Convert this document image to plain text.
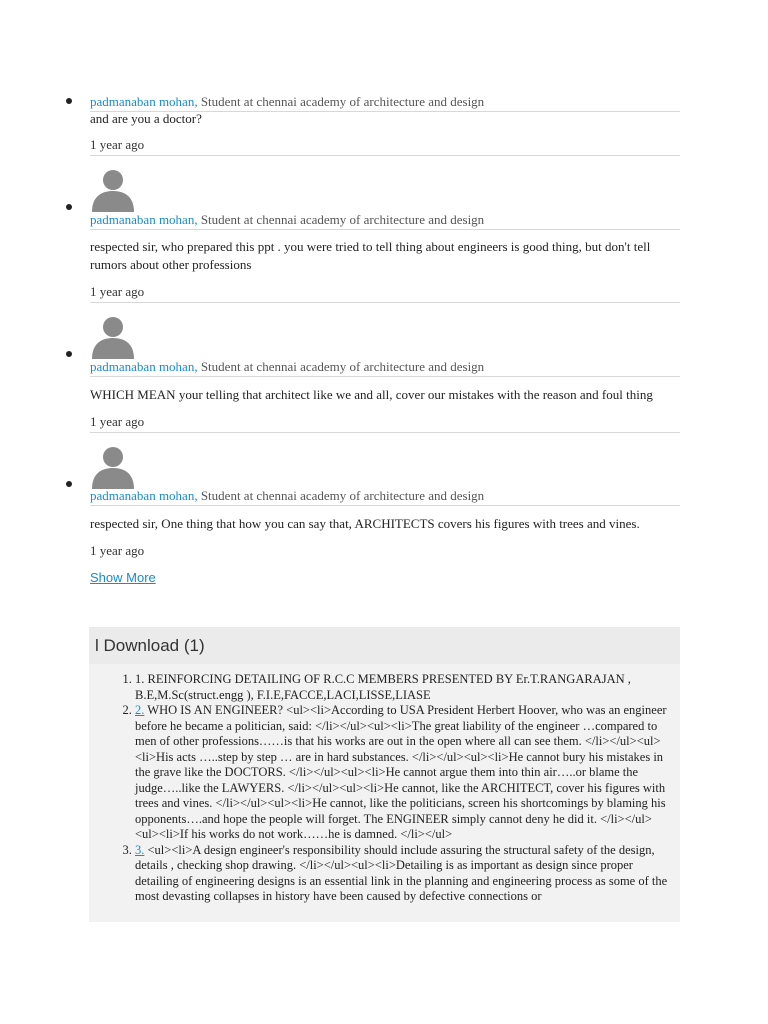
padmanaban mohan, Student at chennai academy of architecture and design
and are you a doctor?
1 year ago
padmanaban mohan, Student at chennai academy of architecture and design
respected sir, who prepared this ppt . you were tried to tell thing about engineers is good thing, but don't tell rumors about other professions
1 year ago
padmanaban mohan, Student at chennai academy of architecture and design
WHICH MEAN your telling that architect like we and all, cover our mistakes with the reason and foul thing
1 year ago
padmanaban mohan, Student at chennai academy of architecture and design
respected sir, One thing that how you can say that, ARCHITECTS covers his figures with trees and vines.
1 year ago
Show More
l Download (1)
1. 1. REINFORCING DETAILING OF R.C.C MEMBERS PRESENTED BY Er.T.RANGARAJAN , B.E,M.Sc(struct.engg ), F.I.E,FACCE,LACI,LISSE,LIASE
2. 2. WHO IS AN ENGINEER? <ul><li>According to USA President Herbert Hoover, who was an engineer before he became a politician, said: </li></ul><ul><li>The great liability of the engineer …compared to men of other professions……is that his works are out in the open where all can see them. </li></ul><ul><li>His acts …..step by step … are in hard substances. </li></ul><ul><li>He cannot bury his mistakes in the grave like the DOCTORS. </li></ul><ul><li>He cannot argue them into thin air…..or blame the judge…..like the LAWYERS. </li></ul><ul><li>He cannot, like the ARCHITECT, cover his figures with trees and vines. </li></ul><ul><li>He cannot, like the politicians, screen his shortcomings by blaming his opponents….and hope the people will forget. The ENGINEER simply cannot deny he did it. </li></ul><ul><li>If his works do not work……he is damned. </li></ul>
3. 3. <ul><li>A design engineer's responsibility should include assuring the structural safety of the design, details , checking shop drawing. </li></ul><ul><li>Detailing is as important as design since proper detailing of engineering designs is an essential link in the planning and engineering process as some of the most devasting collapses in history have been caused by defective connections or
